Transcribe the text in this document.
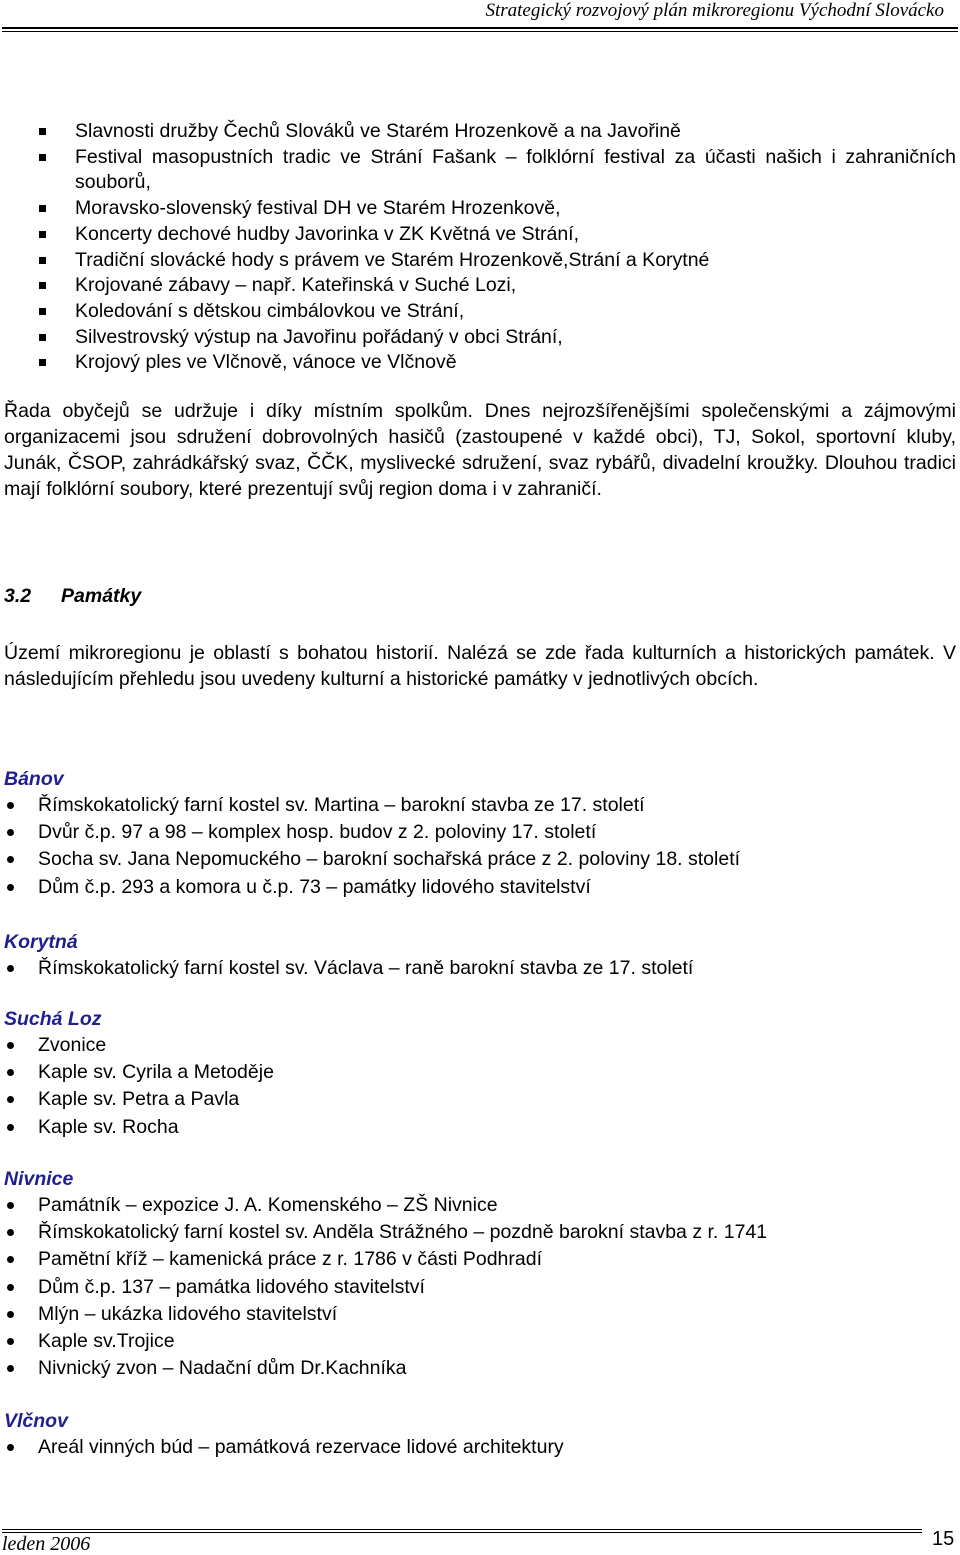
Strategický rozvojový plán mikroregionu Východní Slovácko
Slavnosti družby Čechů Slováků ve Starém Hrozenkově a na Javořině
Festival masopustních tradic ve Strání Fašank – folklórní festival za účasti našich i zahraničních souborů,
Moravsko-slovenský festival DH ve Starém Hrozenkově,
Koncerty dechové hudby Javorinka v ZK Květná ve Strání,
Tradiční slovácké hody s právem ve Starém Hrozenkově,Strání a Korytné
Krojované zábavy – např. Kateřinská v Suché Lozi,
Koledování s dětskou cimbálovkou ve Strání,
Silvestrovský výstup na Javořinu pořádaný v obci Strání,
Krojový ples ve Vlčnově, vánoce ve Vlčnově

Řada obyčejů se udržuje i díky místním spolkům. Dnes nejrozšířenějšími společenskými a zájmovými organizacemi jsou sdružení dobrovolných hasičů (zastoupené v každé obci), TJ, Sokol, sportovní kluby, Junák, ČSOP, zahrádkářský svaz, ČČK, myslivecké sdružení, svaz rybářů, divadelní kroužky. Dlouhou tradici mají folklórní soubory, které prezentují svůj region doma i v zahraničí.

3.2 Památky

Území mikroregionu je oblastí s bohatou historií. Nalézá se zde řada kulturních a historických památek. V následujícím přehledu jsou uvedeny kulturní a historické památky v jednotlivých obcích.

Bánov
Římskokatolický farní kostel sv. Martina – barokní stavba ze 17. století
Dvůr č.p. 97 a 98 – komplex hosp. budov z 2. poloviny 17. století
Socha sv. Jana Nepomuckého – barokní sochařská práce z 2. poloviny 18. století
Dům č.p. 293 a komora u č.p. 73 – památky lidového stavitelství
Korytná
Římskokatolický farní kostel sv. Václava – raně barokní stavba ze 17. století
Suchá Loz
Zvonice
Kaple sv. Cyrila a Metoděje
Kaple sv. Petra a Pavla
Kaple sv. Rocha
Nivnice
Památník – expozice J. A. Komenského – ZŠ Nivnice
Římskokatolický farní kostel sv. Anděla Strážného – pozdně barokní stavba z r. 1741
Pamětní kříž – kamenická práce z r. 1786 v části Podhradí
Dům č.p. 137 – památka lidového stavitelství
Mlýn – ukázka lidového stavitelství
Kaple sv.Trojice
Nivnický zvon – Nadační dům Dr.Kachníka
Vlčnov
Areál vinných búd – památková rezervace lidové architektury
leden 2006	15
